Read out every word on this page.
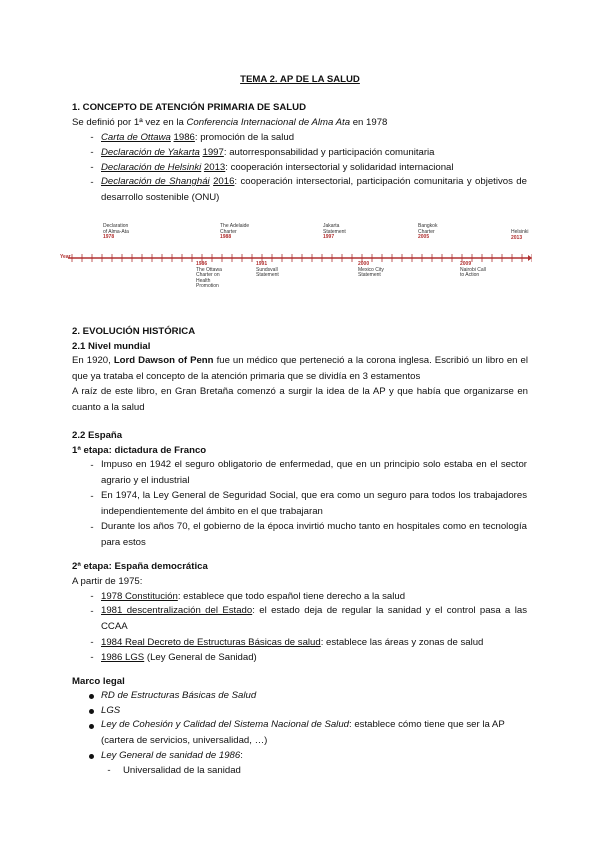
TEMA 2. AP DE LA SALUD
1. CONCEPTO DE ATENCIÓN PRIMARIA DE SALUD
Se definió por 1ª vez en la Conferencia Internacional de Alma Ata en 1978
- Carta de Ottawa 1986: promoción de la salud
- Declaración de Yakarta 1997: autorresponsabilidad y participación comunitaria
- Declaración de Helsinki 2013: cooperación intersectorial y solidaridad internacional
- Declaración de Shanghái 2016: cooperación intersectorial, participación comunitaria y objetivos de desarrollo sostenible (ONU)
Year
Declaration
of Alma-Ata
1978
The Adelaide
Charter
1988
Jakarta
Statement
1997
Bangkok
Charter
2005
Helsinki
2013
1986
The Ottawa
Charter on
Health
Promotion
1991
Sundsvall
Statement
2000
Mexico City
Statement
2009
Nairobi Call
to Action
2. EVOLUCIÓN HISTÓRICA
2.1 Nivel mundial
En 1920, Lord Dawson of Penn fue un médico que perteneció a la corona inglesa. Escribió un libro en el que ya trataba el concepto de la atención primaria que se dividía en 3 estamentos
A raíz de este libro, en Gran Bretaña comenzó a surgir la idea de la AP y que había que organizarse en cuanto a la salud
2.2 España
1ª etapa: dictadura de Franco
- Impuso en 1942 el seguro obligatorio de enfermedad, que en un principio solo estaba en el sector agrario y el industrial
- En 1974, la Ley General de Seguridad Social, que era como un seguro para todos los trabajadores independientemente del ámbito en el que trabajaran
- Durante los años 70, el gobierno de la época invirtió mucho tanto en hospitales como en tecnología para estos
2ª etapa: España democrática
A partir de 1975:
- 1978 Constitución: establece que todo español tiene derecho a la salud
- 1981 descentralización del Estado: el estado deja de regular la sanidad y el control pasa a las CCAA
- 1984 Real Decreto de Estructuras Básicas de salud: establece las áreas y zonas de salud
- 1986 LGS (Ley General de Sanidad)
Marco legal
RD de Estructuras Básicas de Salud
LGS
Ley de Cohesión y Calidad del Sistema Nacional de Salud: establece cómo tiene que ser la AP (cartera de servicios, universalidad, …)
Ley General de sanidad de 1986:
- Universalidad de la sanidad
